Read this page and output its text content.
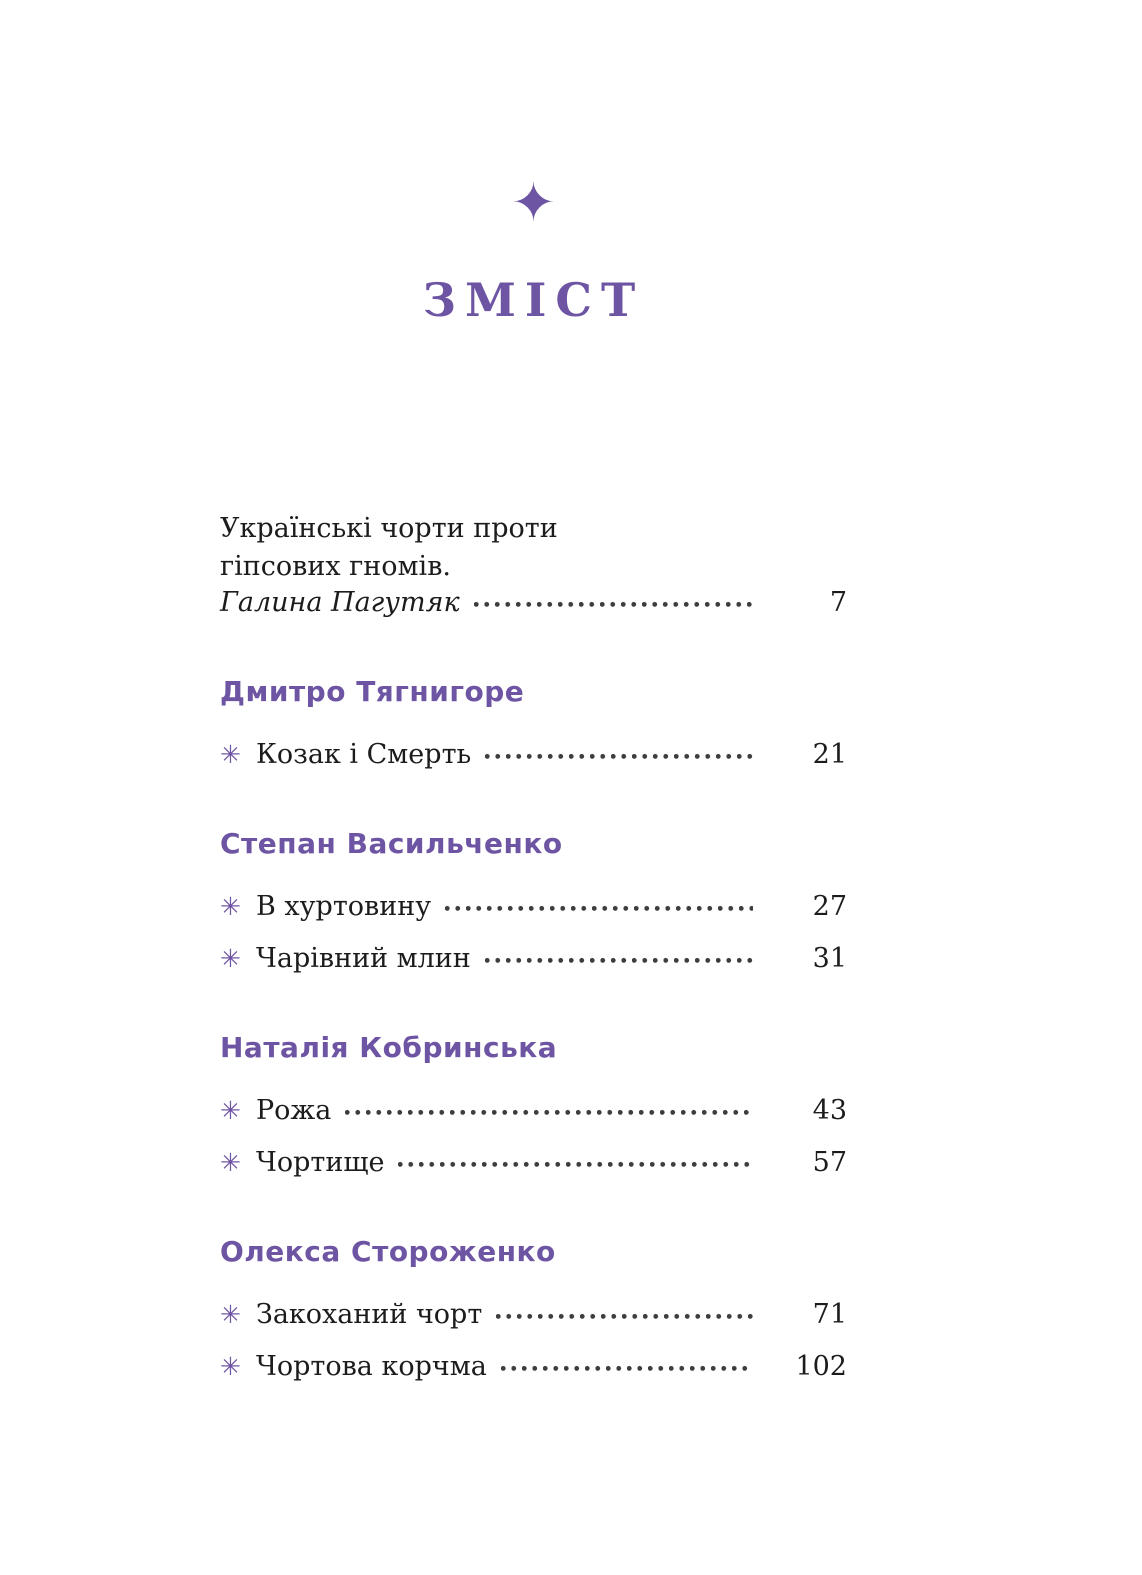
✦
ЗМІСТ
Українські чорти проти
гіпсових гномів.
Галина Пагутяк	7
Дмитро Тягнигоре
✳ Козак і Смерть	21
Степан Васильченко
✳ В хуртовину	27
✳ Чарівний млин	31
Наталія Кобринська
✳ Рожа	43
✳ Чортище	57
Олекса Стороженко
✳ Закоханий чорт	71
✳ Чортова корчма	102
